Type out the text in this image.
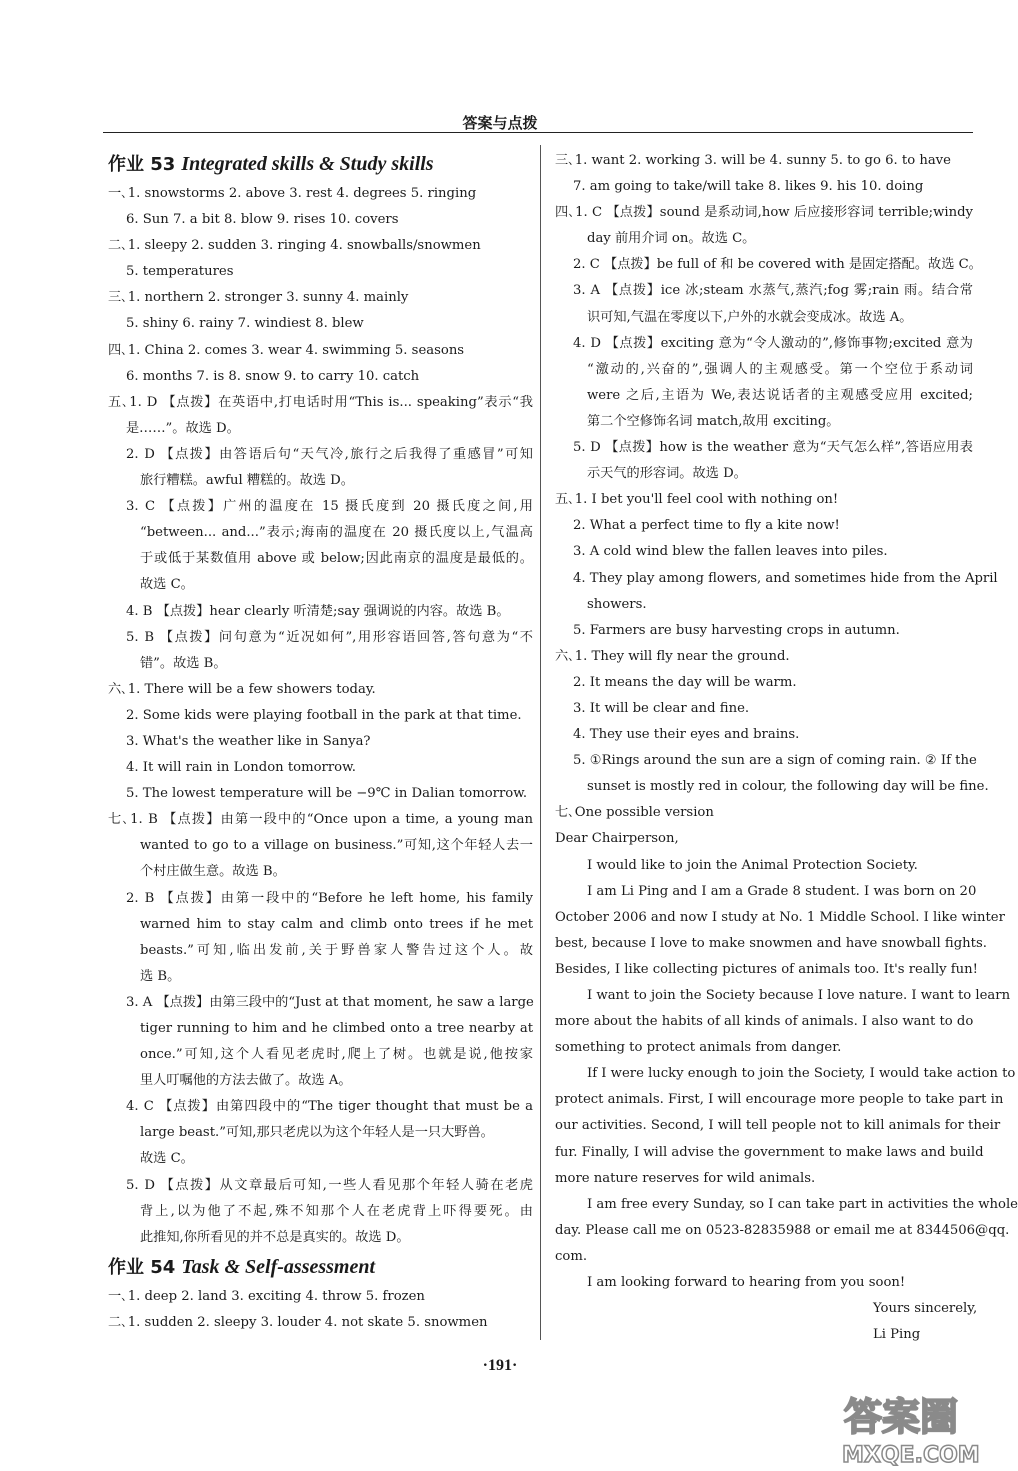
答案与点拨
作业 53 Integrated skills & Study skills
一､1. snowstorms 2. above 3. rest 4. degrees 5. ringing
6. Sun 7. a bit 8. blow 9. rises 10. covers
二､1. sleepy 2. sudden 3. ringing 4. snowballs/snowmen
5. temperatures
三､1. northern 2. stronger 3. sunny 4. mainly
5. shiny 6. rainy 7. windiest 8. blew
四､1. China 2. comes 3. wear 4. swimming 5. seasons
6. months 7. is 8. snow 9. to carry 10. catch
五､1. D 【点拨】在英语中,打电话时用“This is... speaking”表示“我
是……”。故选 D。
2. D 【点拨】由答语后句“天气冷,旅行之后我得了重感冒”可知
旅行糟糕。awful 糟糕的。故选 D。
3. C 【点拨】广州的温度在 15 摄氏度到 20 摄氏度之间,用
“between... and...”表示;海南的温度在 20 摄氏度以上,气温高
于或低于某数值用 above 或 below;因此南京的温度是最低的。
故选 C。
4. B 【点拨】hear clearly 听清楚;say 强调说的内容。故选 B。
5. B 【点拨】问句意为“近况如何”,用形容语回答,答句意为“不
错”。故选 B。
六､1. There will be a few showers today.
2. Some kids were playing football in the park at that time.
3. What's the weather like in Sanya?
4. It will rain in London tomorrow.
5. The lowest temperature will be −9℃ in Dalian tomorrow.
七､1. B 【点拨】由第一段中的“Once upon a time, a young man
wanted to go to a village on business.”可知,这个年轻人去一
个村庄做生意。故选 B。
2. B 【点拨】由第一段中的“Before he left home, his family
warned him to stay calm and climb onto trees if he met
beasts.”可知,临出发前,关于野兽家人警告过这个人。故
选 B。
3. A 【点拨】由第三段中的“Just at that moment, he saw a large
tiger running to him and he climbed onto a tree nearby at
once.”可知,这个人看见老虎时,爬上了树。也就是说,他按家
里人叮嘱他的方法去做了。故选 A。
4. C 【点拨】由第四段中的“The tiger thought that must be a
large beast.”可知,那只老虎以为这个年轻人是一只大野兽。
故选 C。
5. D 【点拨】从文章最后可知,一些人看见那个年轻人骑在老虎
背上,以为他了不起,殊不知那个人在老虎背上吓得要死。由
此推知,你所看见的并不总是真实的。故选 D。
作业 54 Task & Self-assessment
一､1. deep 2. land 3. exciting 4. throw 5. frozen
二､1. sudden 2. sleepy 3. louder 4. not skate 5. snowmen
三､1. want 2. working 3. will be 4. sunny 5. to go 6. to have
7. am going to take/will take 8. likes 9. his 10. doing
四､1. C 【点拨】sound 是系动词,how 后应接形容词 terrible;windy
day 前用介词 on。故选 C。
2. C 【点拨】be full of 和 be covered with 是固定搭配。故选 C。
3. A 【点拨】ice 冰;steam 水蒸气,蒸汽;fog 雾;rain 雨。结合常
识可知,气温在零度以下,户外的水就会变成冰。故选 A。
4. D 【点拨】exciting 意为“令人激动的”,修饰事物;excited 意为
“激动的,兴奋的”,强调人的主观感受。第一个空位于系动词
were 之后,主语为 We,表达说话者的主观感受应用 excited;
第二个空修饰名词 match,故用 exciting。
5. D 【点拨】how is the weather 意为“天气怎么样”,答语应用表
示天气的形容词。故选 D。
五､1. I bet you'll feel cool with nothing on!
2. What a perfect time to fly a kite now!
3. A cold wind blew the fallen leaves into piles.
4. They play among flowers, and sometimes hide from the April
showers.
5. Farmers are busy harvesting crops in autumn.
六､1. They will fly near the ground.
2. It means the day will be warm.
3. It will be clear and fine.
4. They use their eyes and brains.
5. ①Rings around the sun are a sign of coming rain. ② If the
sunset is mostly red in colour, the following day will be fine.
七､One possible version
Dear Chairperson,
I would like to join the Animal Protection Society.
I am Li Ping and I am a Grade 8 student. I was born on 20
October 2006 and now I study at No. 1 Middle School. I like winter
best, because I love to make snowmen and have snowball fights.
Besides, I like collecting pictures of animals too. It's really fun!
I want to join the Society because I love nature. I want to learn
more about the habits of all kinds of animals. I also want to do
something to protect animals from danger.
If I were lucky enough to join the Society, I would take action to
protect animals. First, I will encourage more people to take part in
our activities. Second, I will tell people not to kill animals for their
fur. Finally, I will advise the government to make laws and build
more nature reserves for wild animals.
I am free every Sunday, so I can take part in activities the whole
day. Please call me on 0523-82835988 or email me at 8344506@qq.
com.
I am looking forward to hearing from you soon!
Yours sincerely,
Li Ping
·191·
答案圈
MXQE.COM
